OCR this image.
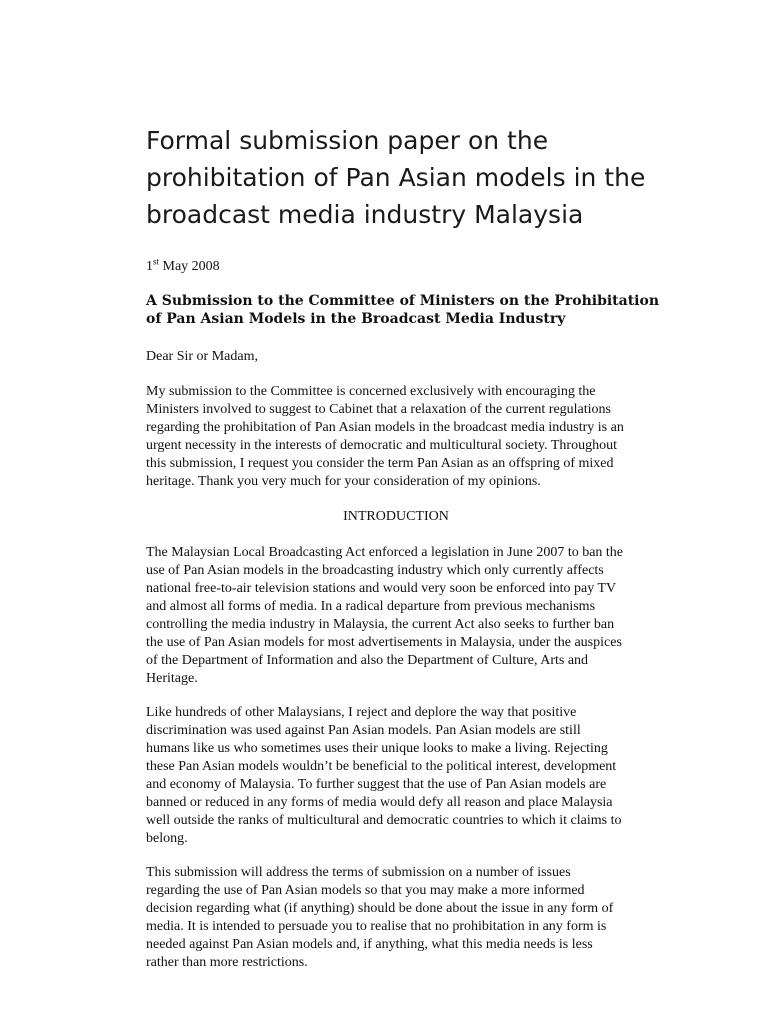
Formal submission paper on the prohibitation of Pan Asian models in the broadcast media industry Malaysia

1st May 2008

A Submission to the Committee of Ministers on the Prohibitation of Pan Asian Models in the Broadcast Media Industry

Dear Sir or Madam,

My submission to the Committee is concerned exclusively with encouraging the
Ministers involved to suggest to Cabinet that a relaxation of the current regulations
regarding the prohibitation of Pan Asian models in the broadcast media industry is an
urgent necessity in the interests of democratic and multicultural society. Throughout
this submission, I request you consider the term Pan Asian as an offspring of mixed
heritage. Thank you very much for your consideration of my opinions.

INTRODUCTION

The Malaysian Local Broadcasting Act enforced a legislation in June 2007 to ban the
use of Pan Asian models in the broadcasting industry which only currently affects
national free-to-air television stations and would very soon be enforced into pay TV
and almost all forms of media. In a radical departure from previous mechanisms
controlling the media industry in Malaysia, the current Act also seeks to further ban
the use of Pan Asian models for most advertisements in Malaysia, under the auspices
of the Department of Information and also the Department of Culture, Arts and
Heritage.

Like hundreds of other Malaysians, I reject and deplore the way that positive
discrimination was used against Pan Asian models. Pan Asian models are still
humans like us who sometimes uses their unique looks to make a living. Rejecting
these Pan Asian models wouldn’t be beneficial to the political interest, development
and economy of Malaysia. To further suggest that the use of Pan Asian models are
banned or reduced in any forms of media would defy all reason and place Malaysia
well outside the ranks of multicultural and democratic countries to which it claims to
belong.

This submission will address the terms of submission on a number of issues
regarding the use of Pan Asian models so that you may make a more informed
decision regarding what (if anything) should be done about the issue in any form of
media. It is intended to persuade you to realise that no prohibitation in any form is
needed against Pan Asian models and, if anything, what this media needs is less
rather than more restrictions.
